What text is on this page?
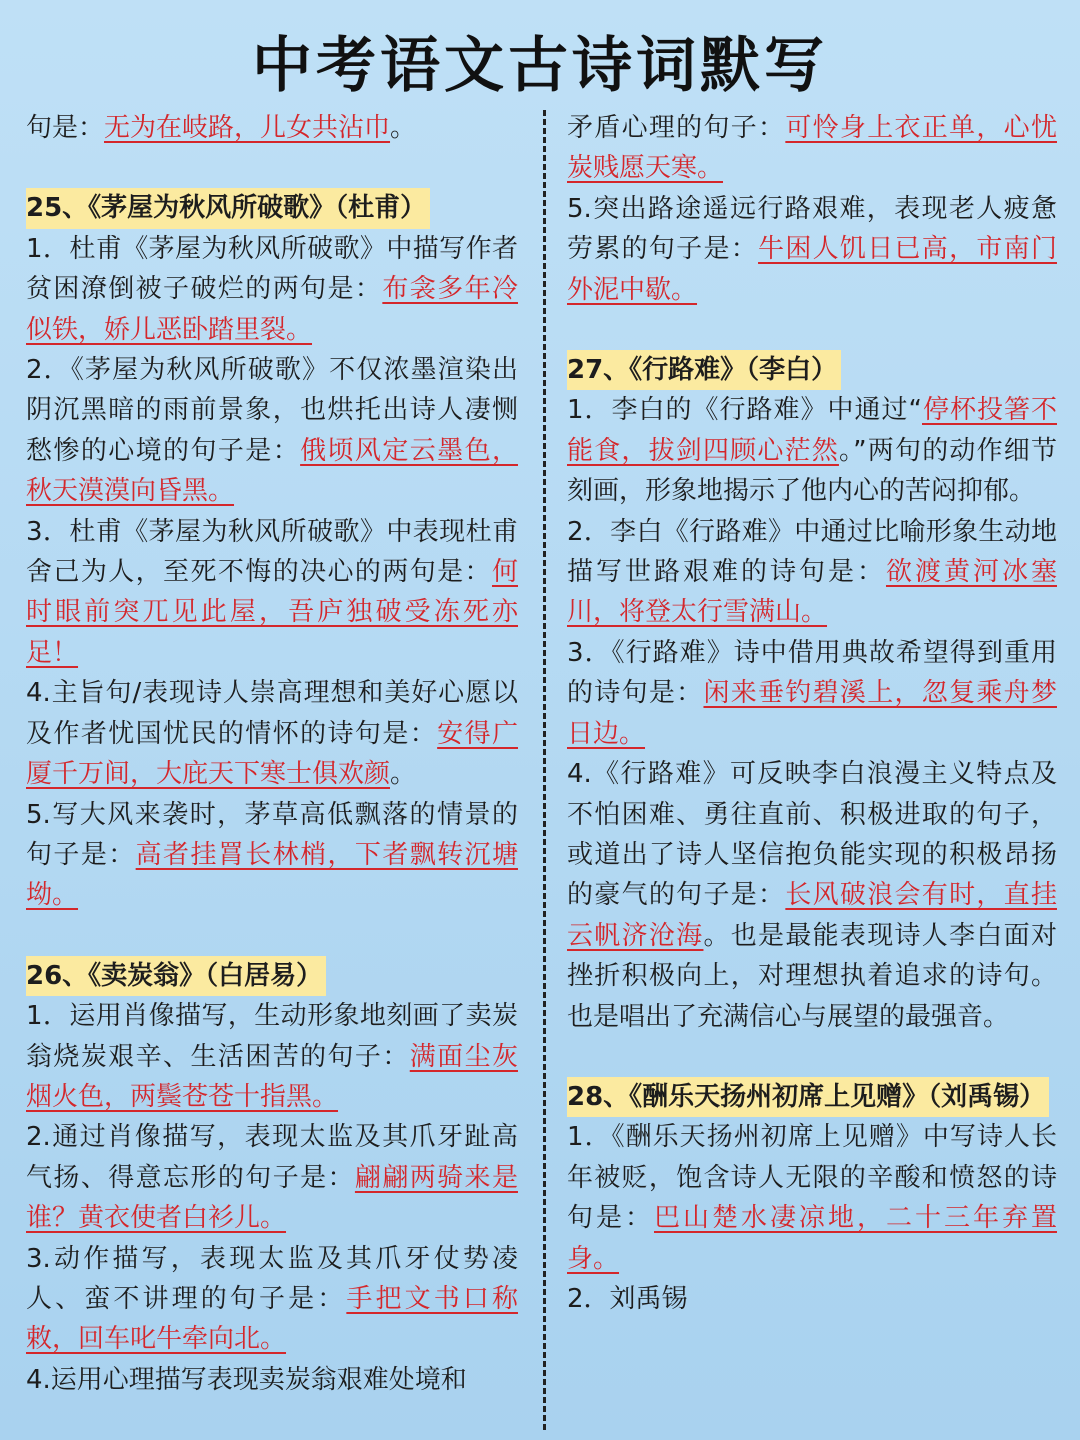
中考语文古诗词默写

句是：无为在岐路，儿女共沾巾。

25、《茅屋为秋风所破歌》（杜甫）

1．杜甫《茅屋为秋风所破歌》中描写作者贫困潦倒被子破烂的两句是：布衾多年冷似铁，娇儿恶卧踏里裂。

2．《茅屋为秋风所破歌》不仅浓墨渲染出阴沉黑暗的雨前景象，也烘托出诗人凄恻愁惨的心境的句子是：俄顷风定云墨色，秋天漠漠向昏黑。

3．杜甫《茅屋为秋风所破歌》中表现杜甫舍己为人，至死不悔的决心的两句是：何时眼前突兀见此屋，吾庐独破受冻死亦足！

4.主旨句/表现诗人崇高理想和美好心愿以及作者忧国忧民的情怀的诗句是：安得广厦千万间，大庇天下寒士俱欢颜。

5.写大风来袭时，茅草高低飘落的情景的句子是：高者挂罥长林梢，下者飘转沉塘坳。

26、《卖炭翁》（白居易）

1．运用肖像描写，生动形象地刻画了卖炭翁烧炭艰辛、生活困苦的句子：满面尘灰烟火色，两鬓苍苍十指黑。

2.通过肖像描写，表现太监及其爪牙趾高气扬、得意忘形的句子是：翩翩两骑来是谁？黄衣使者白衫儿。

3.动作描写，表现太监及其爪牙仗势凌人、蛮不讲理的句子是：手把文书口称敕，回车叱牛牵向北。

4.运用心理描写表现卖炭翁艰难处境和

矛盾心理的句子：可怜身上衣正单，心忧炭贱愿天寒。

5.突出路途遥远行路艰难，表现老人疲惫劳累的句子是：牛困人饥日已高，市南门外泥中歇。

27、《行路难》（李白）

1．李白的《行路难》中通过“停杯投箸不能食，拔剑四顾心茫然。”两句的动作细节刻画，形象地揭示了他内心的苦闷抑郁。

2．李白《行路难》中通过比喻形象生动地描写世路艰难的诗句是：欲渡黄河冰塞川，将登太行雪满山。

3．《行路难》诗中借用典故希望得到重用的诗句是：闲来垂钓碧溪上，忽复乘舟梦日边。

4.《行路难》可反映李白浪漫主义特点及不怕困难、勇往直前、积极进取的句子，或道出了诗人坚信抱负能实现的积极昂扬的豪气的句子是：长风破浪会有时，直挂云帆济沧海。也是最能表现诗人李白面对挫折积极向上，对理想执着追求的诗句。也是唱出了充满信心与展望的最强音。

28、《酬乐天扬州初席上见赠》（刘禹锡）

1．《酬乐天扬州初席上见赠》中写诗人长年被贬，饱含诗人无限的辛酸和愤怒的诗句是：巴山楚水凄凉地，二十三年弃置身。

2．刘禹锡
